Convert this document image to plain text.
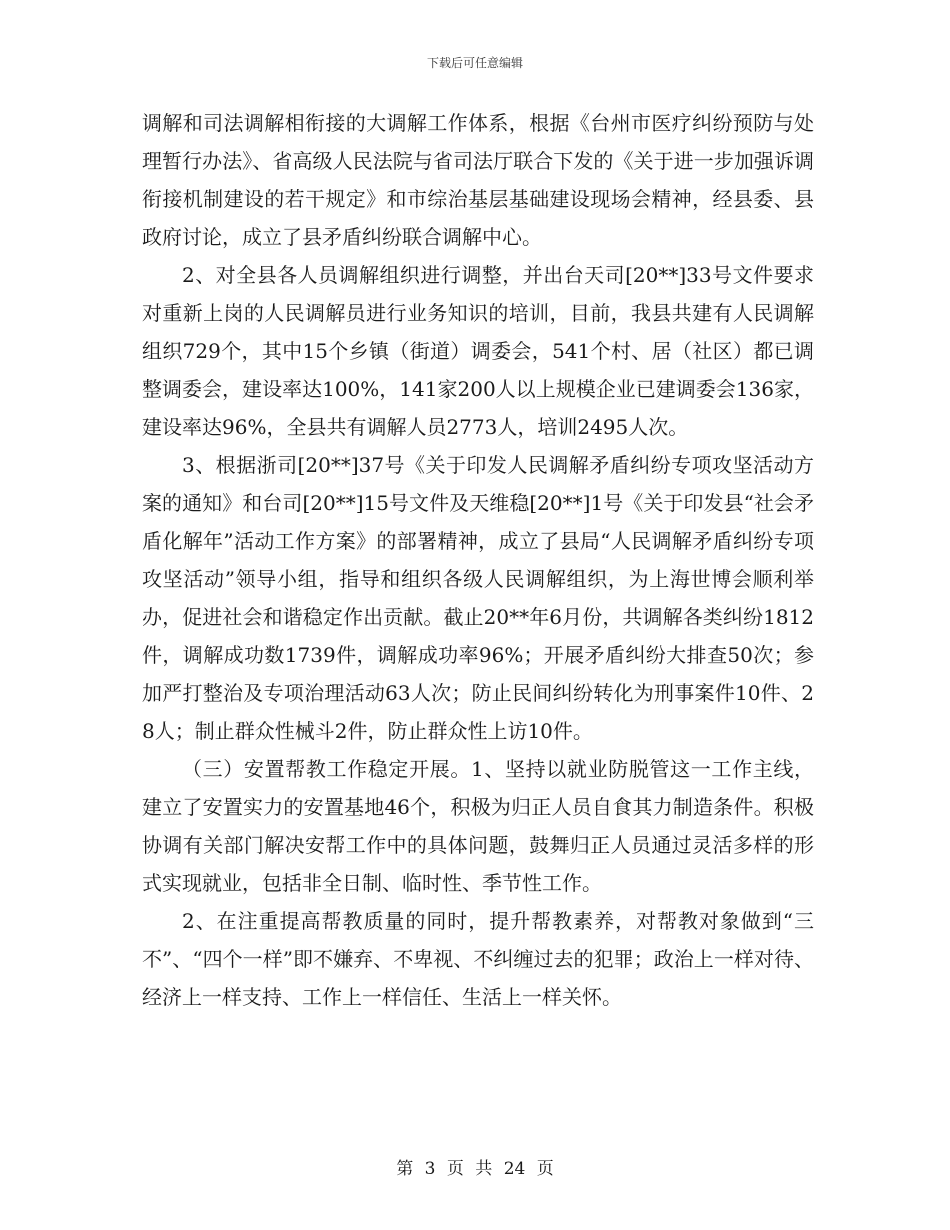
下载后可任意编辑

调解和司法调解相衔接的大调解工作体系，根据《台州市医疗纠纷预防与处理暂行办法》、省高级人民法院与省司法厅联合下发的《关于进一步加强诉调衔接机制建设的若干规定》和市综治基层基础建设现场会精神，经县委、县政府讨论，成立了县矛盾纠纷联合调解中心。

2、对全县各人员调解组织进行调整，并出台天司[20**]33号文件要求对重新上岗的人民调解员进行业务知识的培训，目前，我县共建有人民调解组织729个，其中15个乡镇（街道）调委会，541个村、居（社区）都已调整调委会，建设率达100%，141家200人以上规模企业已建调委会136家，建设率达96%，全县共有调解人员2773人，培训2495人次。

3、根据浙司[20**]37号《关于印发人民调解矛盾纠纷专项攻坚活动方案的通知》和台司[20**]15号文件及天维稳[20**]1号《关于印发县“社会矛盾化解年”活动工作方案》的部署精神，成立了县局“人民调解矛盾纠纷专项攻坚活动”领导小组，指导和组织各级人民调解组织，为上海世博会顺利举办，促进社会和谐稳定作出贡献。截止20**年6月份，共调解各类纠纷1812件，调解成功数1739件，调解成功率96%；开展矛盾纠纷大排查50次；参加严打整治及专项治理活动63人次；防止民间纠纷转化为刑事案件10件、28人；制止群众性械斗2件，防止群众性上访10件。

（三）安置帮教工作稳定开展。1、坚持以就业防脱管这一工作主线，建立了安置实力的安置基地46个，积极为归正人员自食其力制造条件。积极协调有关部门解决安帮工作中的具体问题，鼓舞归正人员通过灵活多样的形式实现就业，包括非全日制、临时性、季节性工作。

2、在注重提高帮教质量的同时，提升帮教素养，对帮教对象做到“三不”、“四个一样”即不嫌弃、不卑视、不纠缠过去的犯罪；政治上一样对待、经济上一样支持、工作上一样信任、生活上一样关怀。

第 3 页 共 24 页
